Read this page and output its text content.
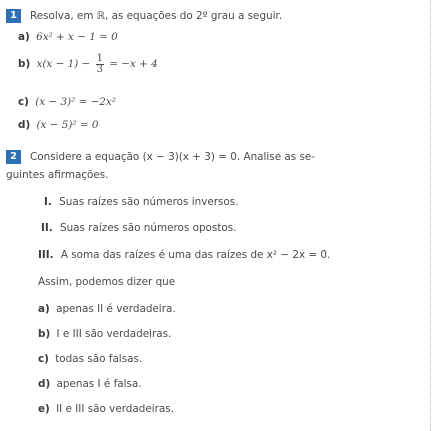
1	Resolva, em ℝ, as equações do 2º grau a seguir.
a) 6x² + x − 1 = 0
b) $x(x - 1) - \frac{1}{3} = -x + 4$
c) (x − 3)² = −2x²
d) (x − 5)² = 0
2	Considere a equação (x − 3)(x + 3) = 0. Analise as se-
guintes afirmações.
I. Suas raízes são números inversos.
II. Suas raízes são números opostos.
III. A soma das raízes é uma das raízes de x² − 2x = 0.
Assim, podemos dizer que
a) apenas II é verdadeira.
b) I e III são verdadeiras.
c) todas são falsas.
d) apenas I é falsa.
e) II e III são verdadeiras.
